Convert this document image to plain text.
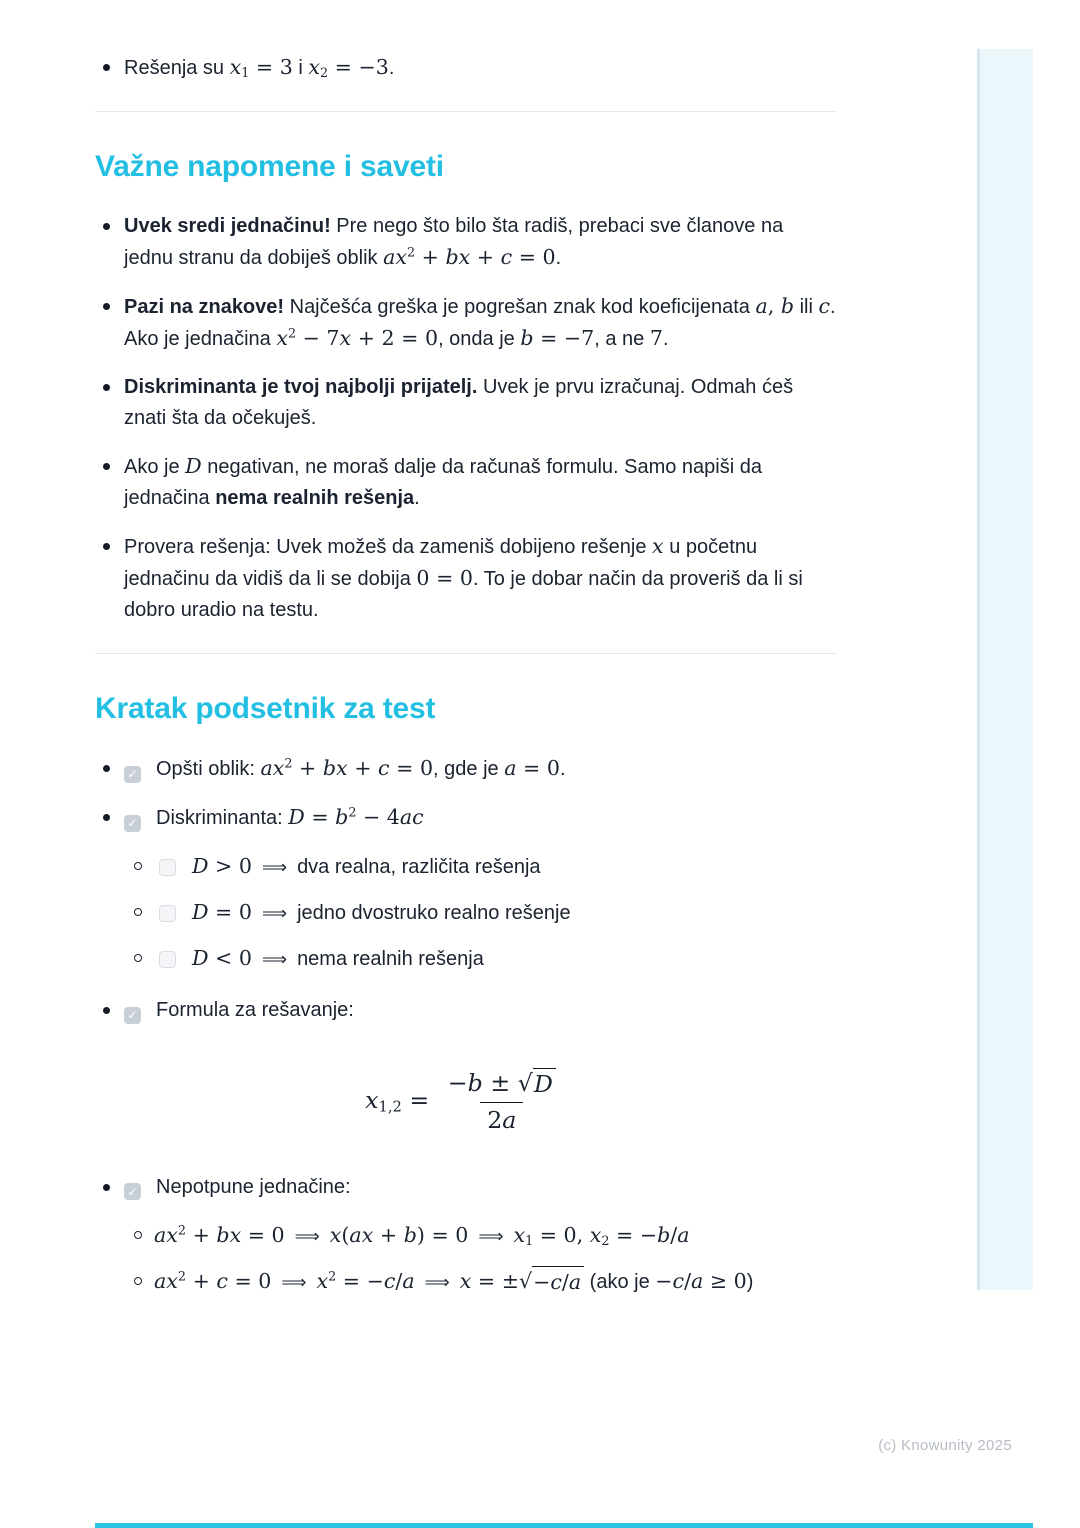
Rešenja su $x_1 = 3$ i $x_2 = -3$.
Važne napomene i saveti
Uvek sredi jednačinu! Pre nego što bilo šta radiš, prebaci sve članove na jednu stranu da dobiješ oblik $ax^2$ + bx + c = 0.
Pazi na znakove! Najčešća greška je pogrešan znak kod koeficijenata a, b ili c. Ako je jednačina $x^2 - 7x + 2 = 0$, onda je b = −7, a ne 7.
Diskriminanta je tvoj najbolji prijatelj. Uvek je prvu izračunaj. Odmah ćeš znati šta da očekuješ.
Ako je D negativan, ne moraš dalje da računaš formulu. Samo napiši da jednačina nema realnih rešenja.
Provera rešenja: Uvek možeš da zameniš dobijeno rešenje x u početnu jednačinu da vidiš da li se dobija 0 = 0. To je dobar način da proveriš da li si dobro uradio na testu.
Kratak podsetnik za test
✓ Opšti oblik: $ax^2$ + bx + c = 0, gde je a = 0.
✓ Diskriminanta: $D = b^2 - 4ac$
D > 0 ⟹ dva realna, različita rešenja
D = 0 ⟹ jedno dvostruko realno rešenje
D < 0 ⟹ nema realnih rešenja
✓ Formula za rešavanje:
$x_{1,2} = \frac{-b \pm √ D}{2a}$
✓ Nepotpune jednačine:
$ax^2$ + bx = 0 ⟹ x(ax + b) = 0 ⟹ $x_1 = 0$, $x_2 = -b/a$
$ax^2 + c = 0$ ⟹ $x^2 = -c/a$ ⟹ x = ± √ −c/a (ako je −c/a ≥ 0)
(c) Knowunity 2025
